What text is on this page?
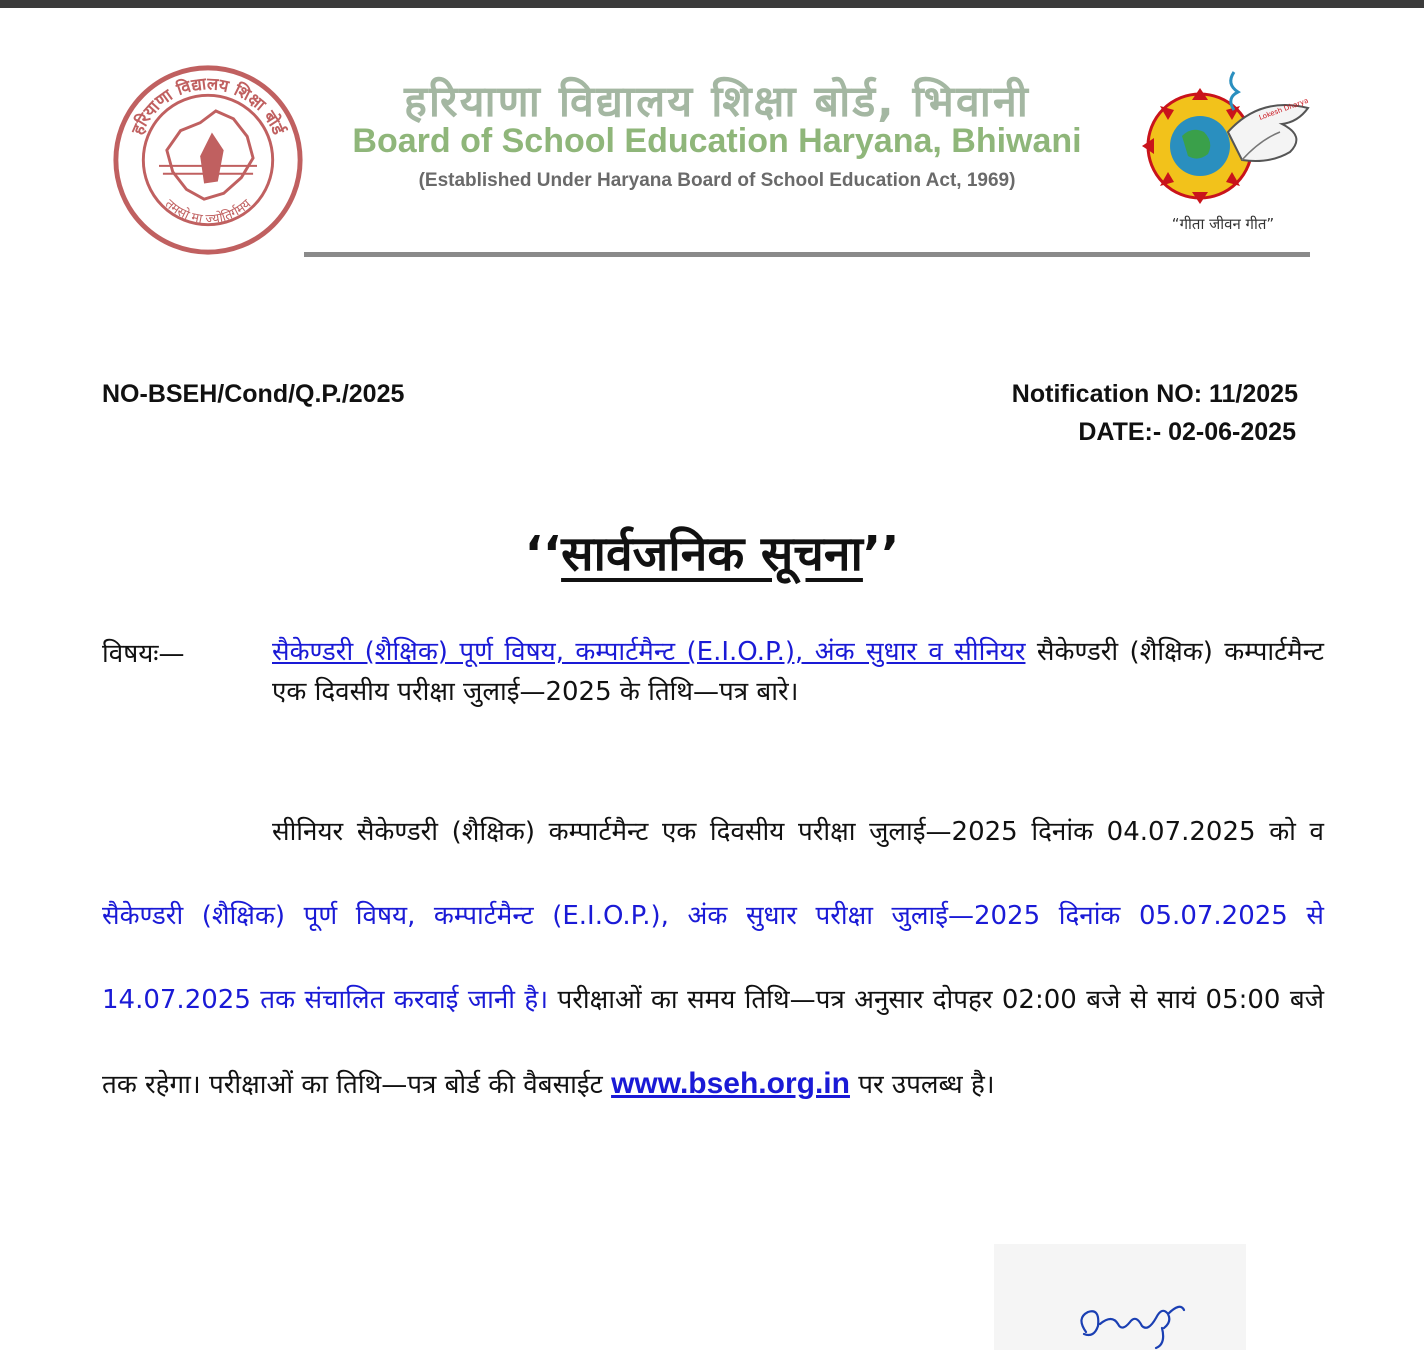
हरियाणा विद्यालय शिक्षा बोर्ड
तमसो मा ज्योतिर्गमय
हरियाणा विद्यालय शिक्षा बोर्ड, भिवानी
Board of School Education Haryana, Bhiwani
(Established Under Haryana Board of School Education Act, 1969)
Lokesh Dharya
“गीता जीवन गीत”
NO-BSEH/Cond/Q.P./2025	Notification NO: 11/2025
DATE:- 02-06-2025
‘‘सार्वजनिक सूचना’’
विषयः—	सैकेण्डरी (शैक्षिक) पूर्ण विषय, कम्पार्टमैन्ट (E.I.O.P.), अंक सुधार व सीनियर सैकेण्डरी (शैक्षिक) कम्पार्टमैन्ट एक दिवसीय परीक्षा जुलाई—2025 के तिथि—पत्र बारे।
सीनियर सैकेण्डरी (शैक्षिक) कम्पार्टमैन्ट एक दिवसीय परीक्षा जुलाई—2025 दिनांक 04.07.2025 को व सैकेण्डरी (शैक्षिक) पूर्ण विषय, कम्पार्टमैन्ट (E.I.O.P.), अंक सुधार परीक्षा जुलाई—2025 दिनांक 05.07.2025 से 14.07.2025 तक संचालित करवाई जानी है। परीक्षाओं का समय तिथि—पत्र अनुसार दोपहर 02:00 बजे से सायं 05:00 बजे तक रहेगा। परीक्षाओं का तिथि—पत्र बोर्ड की वैबसाईट www.bseh.org.in पर उपलब्ध है।
